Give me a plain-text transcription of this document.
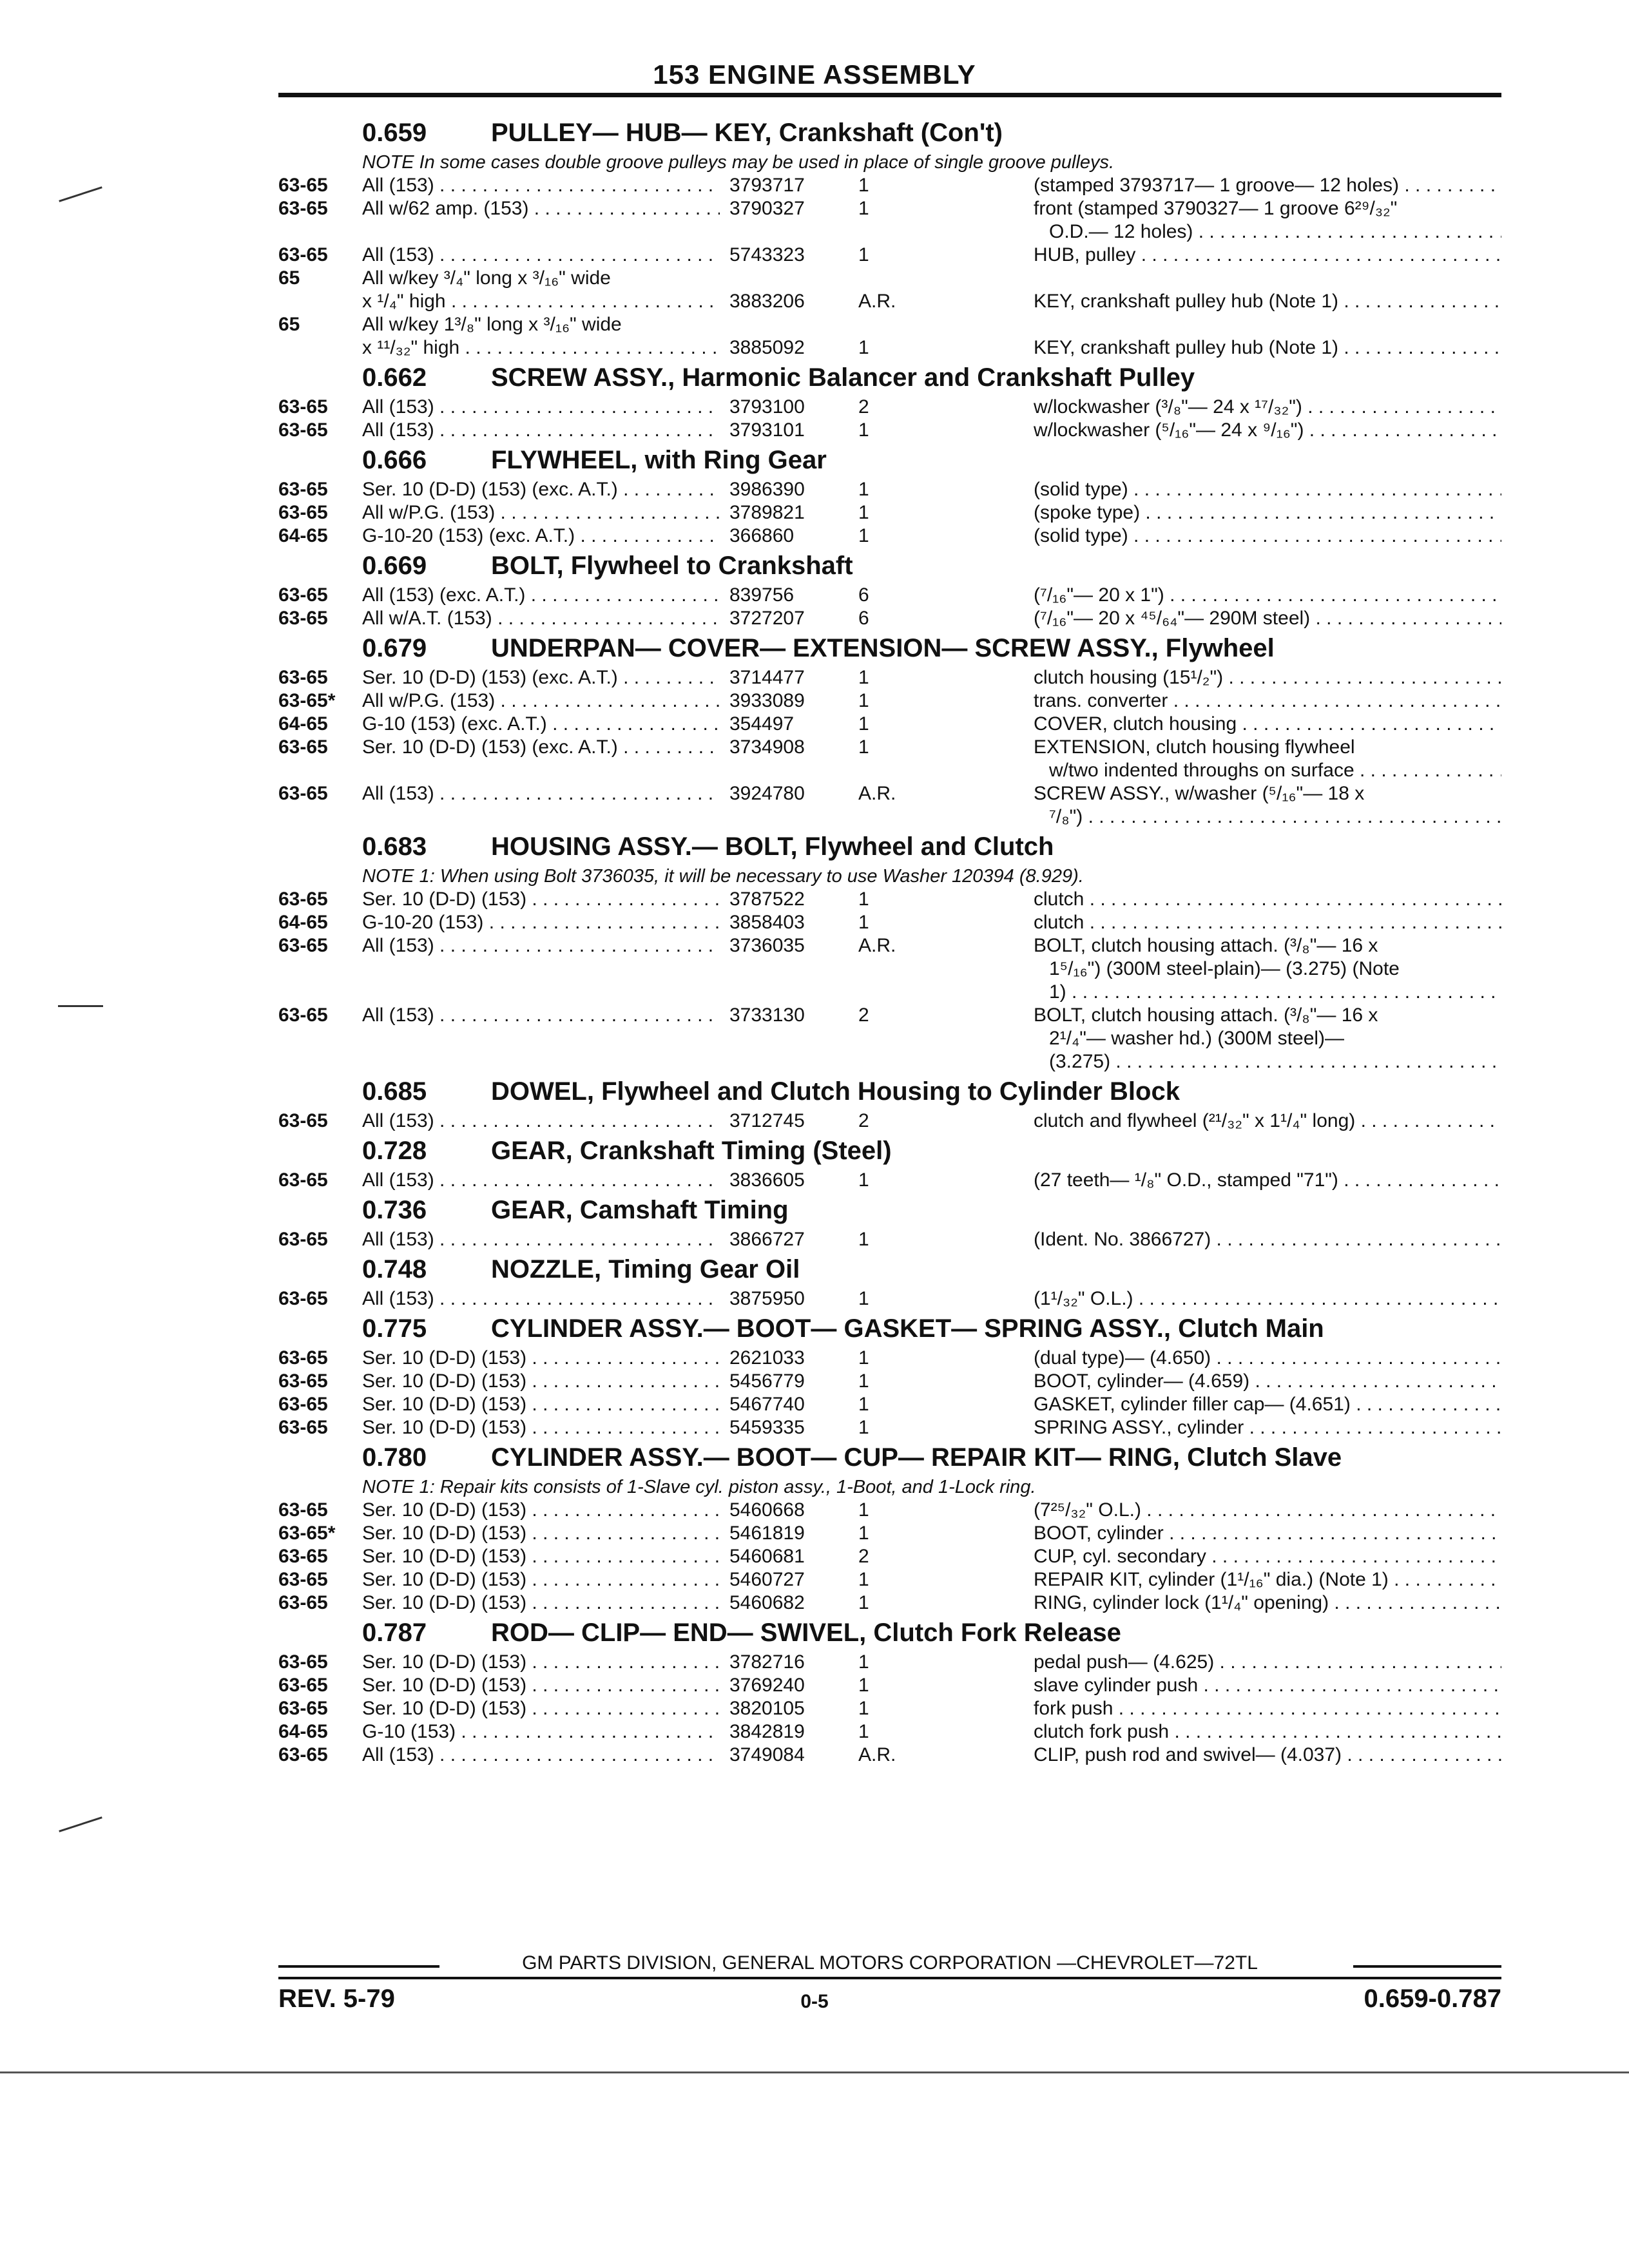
153 ENGINE ASSEMBLY
0.659 PULLEY— HUB— KEY, Crankshaft (Con't)
NOTE In some cases double groove pulleys may be used in place of single groove pulleys.
63-65 All (153) . . .	3793717	1	(stamped 3793717— 1 groove— 12 holes) . . .
63-65 All w/62 amp. (153) . . .	3790327	1	front (stamped 3790327— 1 groove 6²⁹/₃₂"
O.D.— 12 holes) . . .
63-65 All (153) . . .	5743323	1	HUB, pulley . . .
65	All w/key ³/₄" long x ³/₁₆" wide
x ¹/₄" high . . .	3883206	A.R.	KEY, crankshaft pulley hub (Note 1) . . .
65	All w/key 1³/₈" long x ³/₁₆" wide
x ¹¹/₃₂" high . . .	3885092	1	KEY, crankshaft pulley hub (Note 1) . . .
0.662 SCREW ASSY., Harmonic Balancer and Crankshaft Pulley
63-65 All (153) . . .	3793100	2	w/lockwasher (³/₈"— 24 x ¹⁷/₃₂") . . .
63-65 All (153) . . .	3793101	1	w/lockwasher (⁵/₁₆"— 24 x ⁹/₁₆") . . .
0.666 FLYWHEEL, with Ring Gear
63-65 Ser. 10 (D-D) (153) (exc. A.T.) . . .	3986390	1	(solid type) . . .
63-65 All w/P.G. (153) . . .	3789821	1	(spoke type) . . .
64-65 G-10-20 (153) (exc. A.T.) . . .	366860	1	(solid type) . . .
0.669 BOLT, Flywheel to Crankshaft
63-65 All (153) (exc. A.T.) . . .	839756	6	(⁷/₁₆"— 20 x 1") . . .
63-65 All w/A.T. (153) . . .	3727207	6	(⁷/₁₆"— 20 x ⁴⁵/₆₄"— 290M steel) . . .
0.679 UNDERPAN— COVER— EXTENSION— SCREW ASSY., Flywheel
63-65 Ser. 10 (D-D) (153) (exc. A.T.) . . .	3714477	1	clutch housing (15¹/₂") . . .
63-65* All w/P.G. (153) . . .	3933089	1	trans. converter . . .
64-65 G-10 (153) (exc. A.T.) . . .	354497	1	COVER, clutch housing . . .
63-65 Ser. 10 (D-D) (153) (exc. A.T.) . . .	3734908	1	EXTENSION, clutch housing flywheel
w/two indented throughs on surface . . .
63-65 All (153) . . .	3924780	A.R.	SCREW ASSY., w/washer (⁵/₁₆"— 18 x
⁷/₈") . . .
0.683 HOUSING ASSY.— BOLT, Flywheel and Clutch
NOTE 1: When using Bolt 3736035, it will be necessary to use Washer 120394 (8.929).
63-65 Ser. 10 (D-D) (153) . . .	3787522	1	clutch . . .
64-65 G-10-20 (153) . . .	3858403	1	clutch . . .
63-65 All (153) . . .	3736035	A.R.	BOLT, clutch housing attach. (³/₈"— 16 x
1⁵/₁₆") (300M steel-plain)— (3.275) (Note
1) . . .
63-65 All (153) . . .	3733130	2	BOLT, clutch housing attach. (³/₈"— 16 x
2¹/₄"— washer hd.) (300M steel)—
(3.275) . . .
0.685 DOWEL, Flywheel and Clutch Housing to Cylinder Block
63-65 All (153) . . .	3712745	2	clutch and flywheel (²¹/₃₂" x 1¹/₄" long) . . .
0.728 GEAR, Crankshaft Timing (Steel)
63-65 All (153) . . .	3836605	1	(27 teeth— ¹/₈" O.D., stamped "71") . . .
0.736 GEAR, Camshaft Timing
63-65 All (153) . . .	3866727	1	(Ident. No. 3866727) . . .
0.748 NOZZLE, Timing Gear Oil
63-65 All (153) . . .	3875950	1	(1¹/₃₂" O.L.) . . .
0.775 CYLINDER ASSY.— BOOT— GASKET— SPRING ASSY., Clutch Main
63-65 Ser. 10 (D-D) (153) . . .	2621033	1	(dual type)— (4.650) . . .
63-65 Ser. 10 (D-D) (153) . . .	5456779	1	BOOT, cylinder— (4.659) . . .
63-65 Ser. 10 (D-D) (153) . . .	5467740	1	GASKET, cylinder filler cap— (4.651) . . .
63-65 Ser. 10 (D-D) (153) . . .	5459335	1	SPRING ASSY., cylinder . . .
0.780 CYLINDER ASSY.— BOOT— CUP— REPAIR KIT— RING, Clutch Slave
NOTE 1: Repair kits consists of 1-Slave cyl. piston assy., 1-Boot, and 1-Lock ring.
63-65 Ser. 10 (D-D) (153) . . .	5460668	1	(7²⁵/₃₂" O.L.) . . .
63-65* Ser. 10 (D-D) (153) . . .	5461819	1	BOOT, cylinder . . .
63-65 Ser. 10 (D-D) (153) . . .	5460681	2	CUP, cyl. secondary . . .
63-65 Ser. 10 (D-D) (153) . . .	5460727	1	REPAIR KIT, cylinder (1¹/₁₆" dia.) (Note 1) . . .
63-65 Ser. 10 (D-D) (153) . . .	5460682	1	RING, cylinder lock (1¹/₄" opening) . . .
0.787 ROD— CLIP— END— SWIVEL, Clutch Fork Release
63-65 Ser. 10 (D-D) (153) . . .	3782716	1	pedal push— (4.625) . . .
63-65 Ser. 10 (D-D) (153) . . .	3769240	1	slave cylinder push . . .
63-65 Ser. 10 (D-D) (153) . . .	3820105	1	fork push . . .
64-65 G-10 (153) . . .	3842819	1	clutch fork push . . .
63-65 All (153) . . .	3749084	A.R.	CLIP, push rod and swivel— (4.037) . . .
GM PARTS DIVISION, GENERAL MOTORS CORPORATION —CHEVROLET—72TL
REV. 5-79	0-5	0.659-0.787
